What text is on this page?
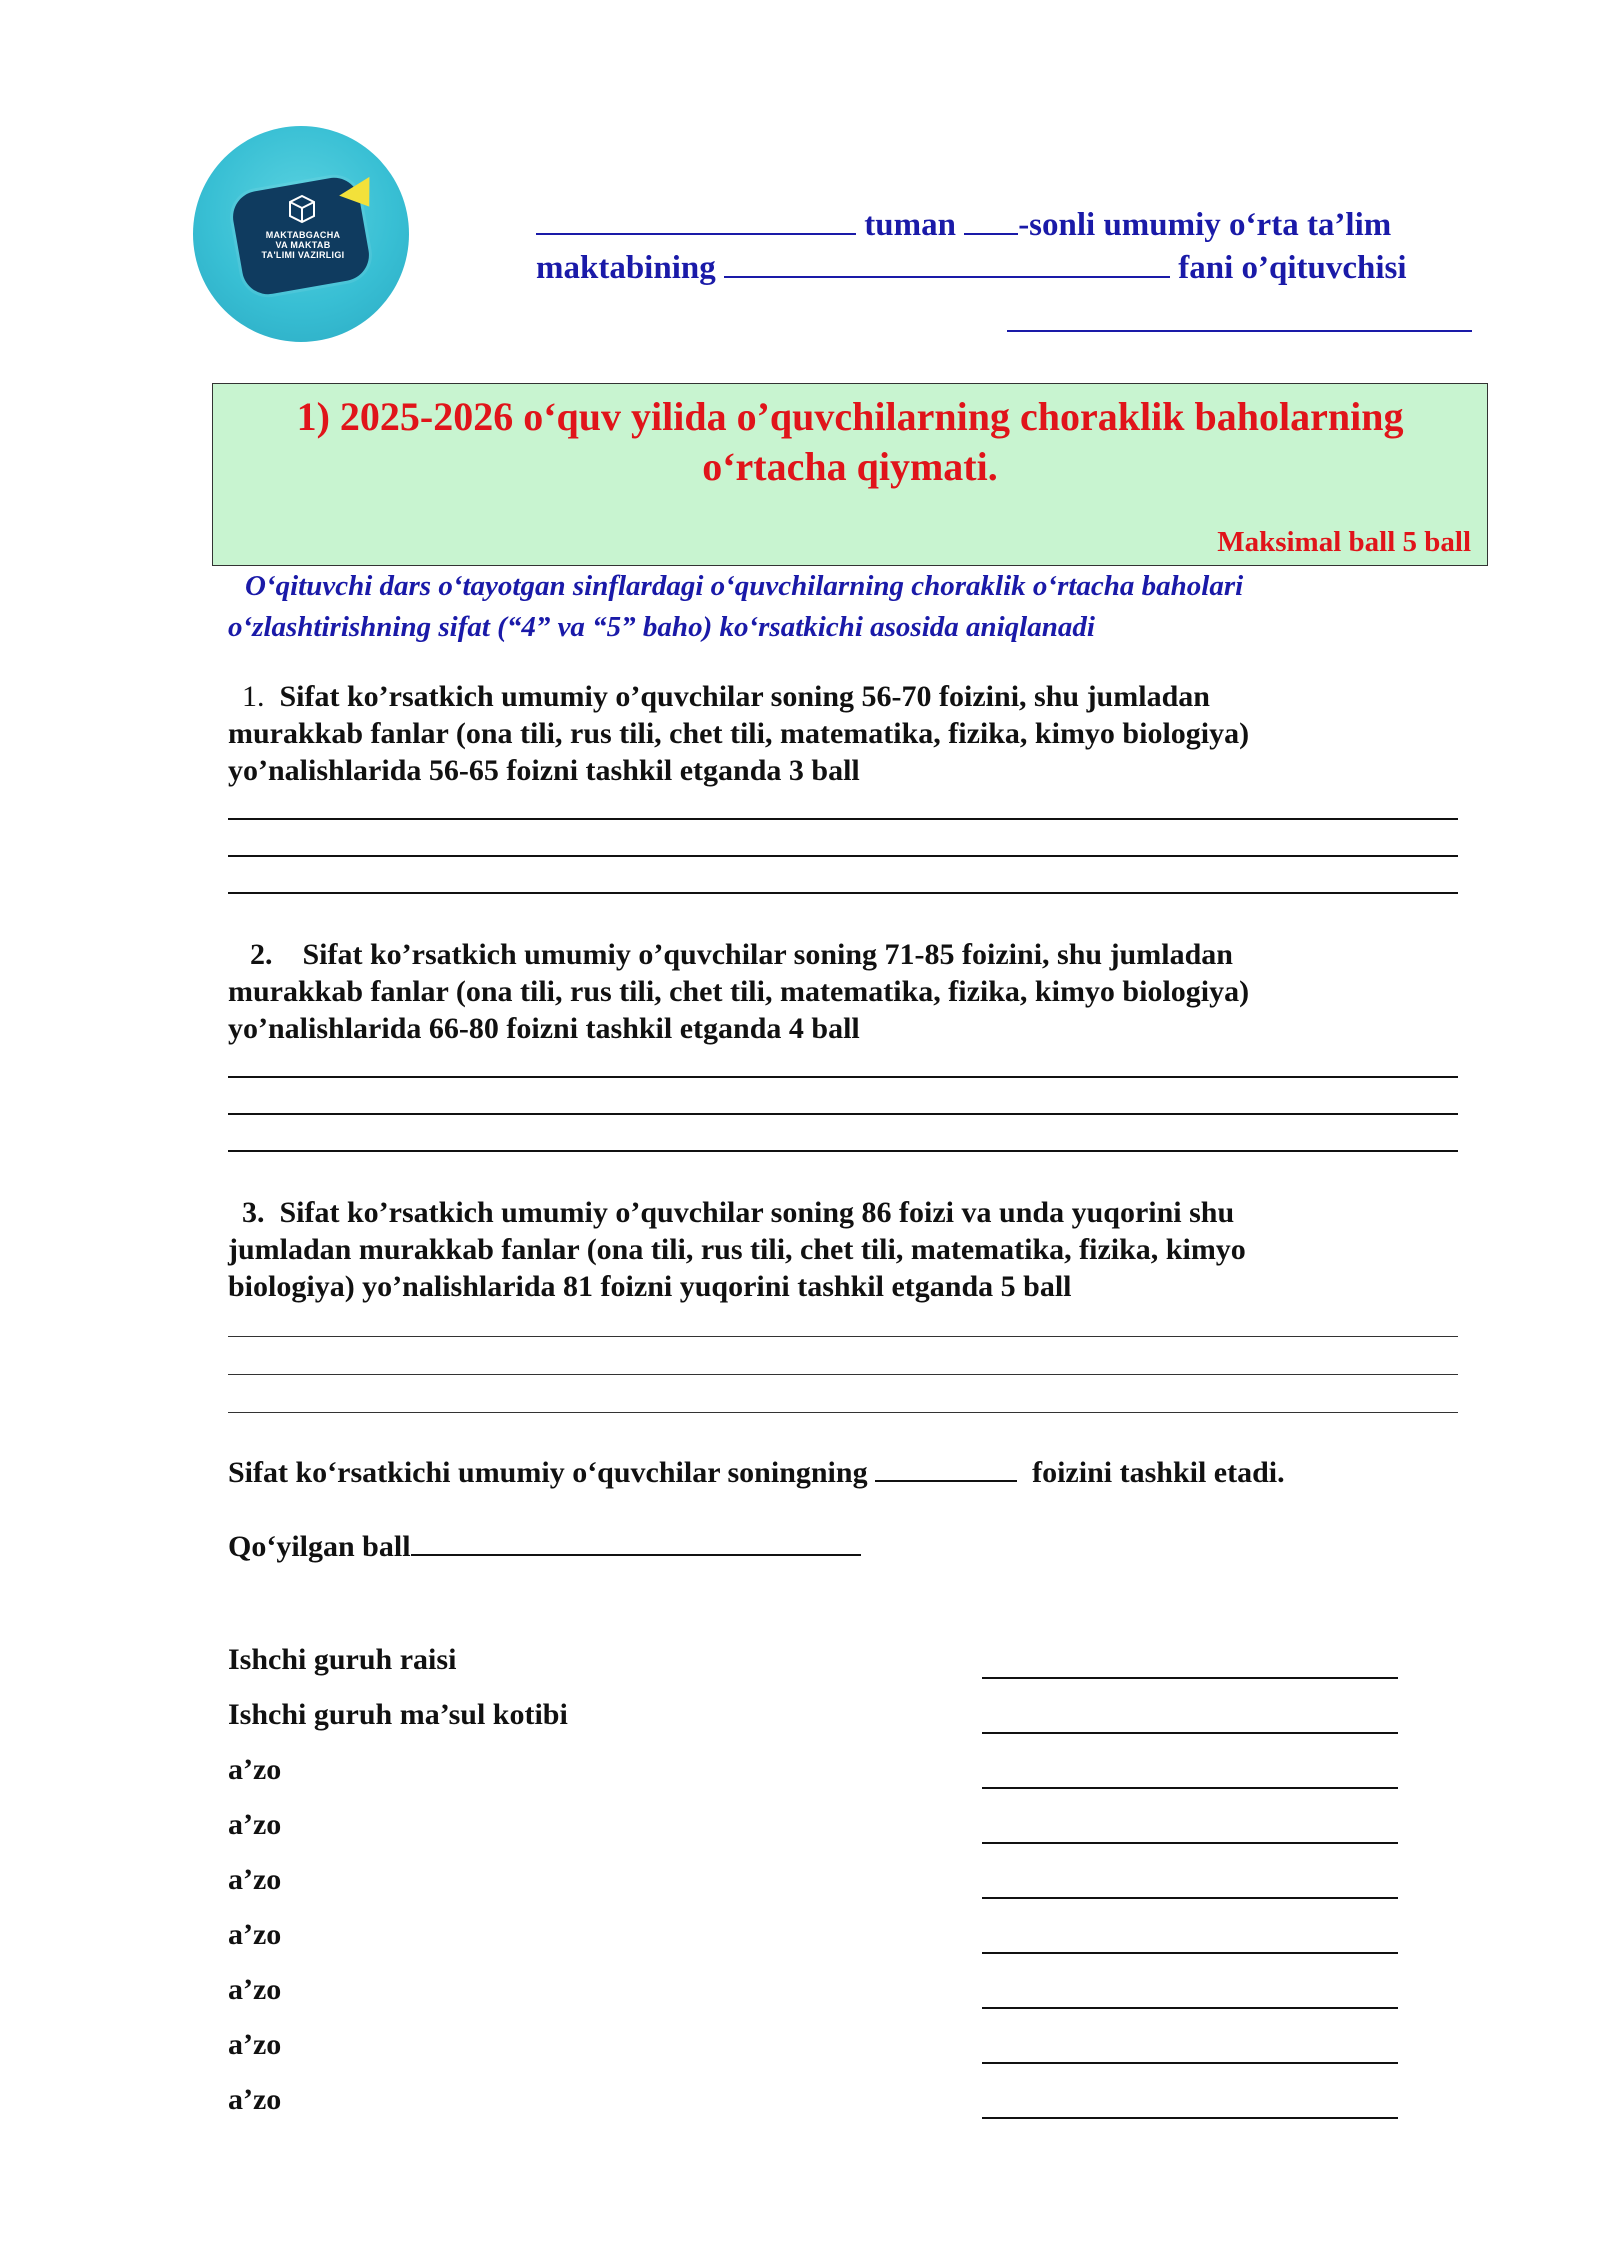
MAKTABGACHA
VA MAKTAB
TA'LIMI VAZIRLIGI
tuman -sonli umumiy o‘rta ta’lim
maktabining	fani o’qituvchisi
1) 2025-2026 o‘quv yilida o’quvchilarning choraklik baholarning
o‘rtacha qiymati.
Maksimal ball 5 ball
O‘qituvchi dars o‘tayotgan sinflardagi o‘quvchilarning choraklik o‘rtacha baholari
o‘zlashtirishning sifat (“4” va “5” baho) ko‘rsatkichi asosida aniqlanadi
1. Sifat ko’rsatkich umumiy o’quvchilar soning 56-70 foizini, shu jumladan
murakkab fanlar (ona tili, rus tili, chet tili, matematika, fizika, kimyo biologiya)
yo’nalishlarida 56-65 foizni tashkil etganda 3 ball
2. Sifat ko’rsatkich umumiy o’quvchilar soning 71-85 foizini, shu jumladan
murakkab fanlar (ona tili, rus tili, chet tili, matematika, fizika, kimyo biologiya)
yo’nalishlarida 66-80 foizni tashkil etganda 4 ball
3. Sifat ko’rsatkich umumiy o’quvchilar soning 86 foizi va unda yuqorini shu
jumladan murakkab fanlar (ona tili, rus tili, chet tili, matematika, fizika, kimyo
biologiya) yo’nalishlarida 81 foizni yuqorini tashkil etganda 5 ball
Sifat ko‘rsatkichi umumiy o‘quvchilar soningning	foizini tashkil etadi.
Qo‘yilgan ball
Ishchi guruh raisi
Ishchi guruh ma’sul kotibi
a’zo
a’zo
a’zo
a’zo
a’zo
a’zo
a’zo
